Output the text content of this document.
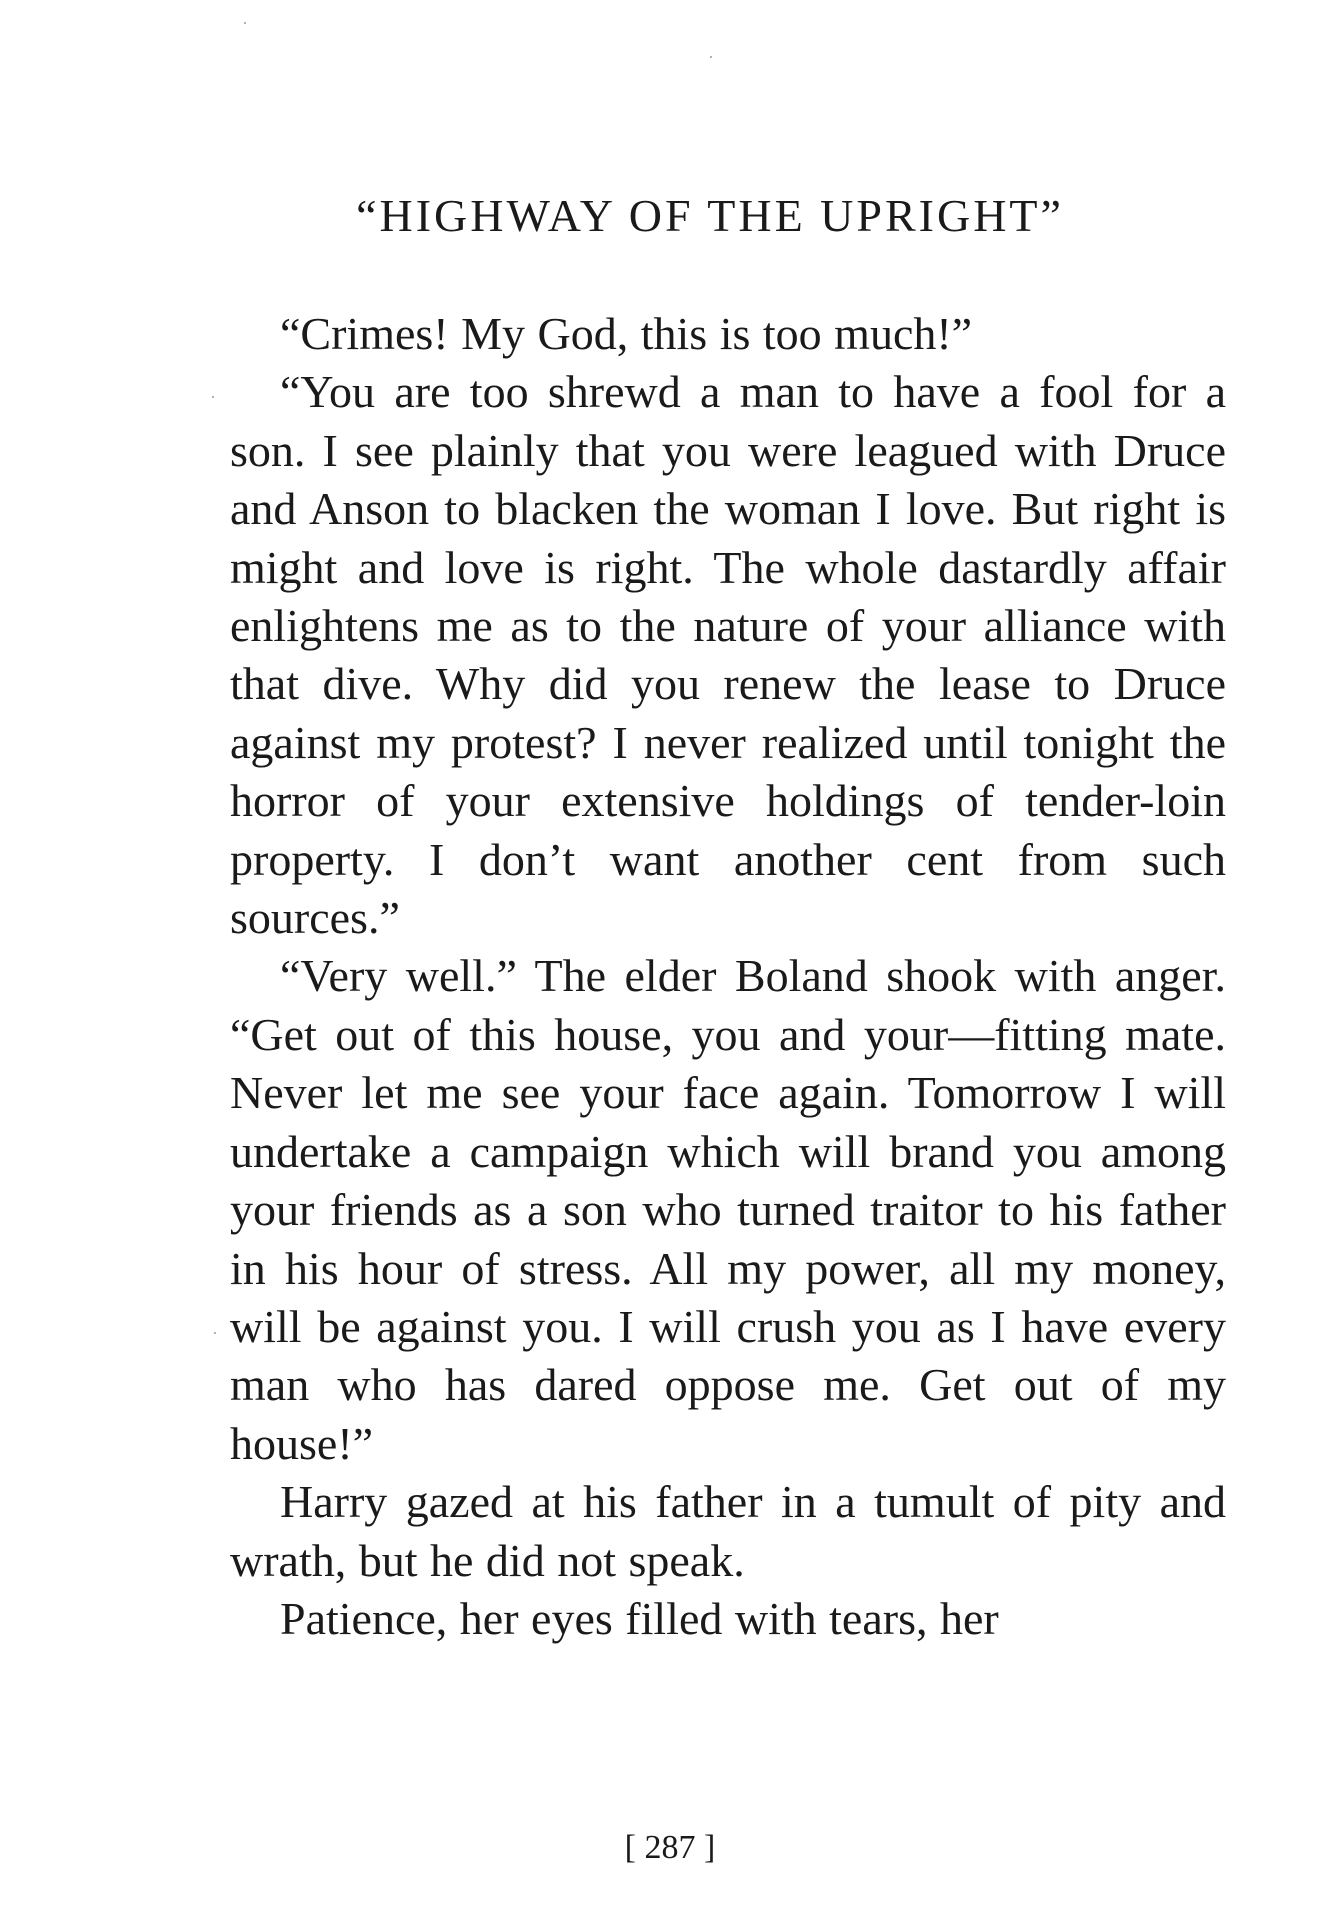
“HIGHWAY OF THE UPRIGHT”

“Crimes! My God, this is too much!”

“You are too shrewd a man to have a fool for a son. I see plainly that you were leagued with Druce and Anson to blacken the woman I love. But right is might and love is right. The whole dastardly affair enlightens me as to the nature of your alliance with that dive. Why did you renew the lease to Druce against my protest? I never realized until tonight the horror of your extensive holdings of tender-loin property. I don’t want another cent from such sources.”

“Very well.” The elder Boland shook with anger. “Get out of this house, you and your—fitting mate. Never let me see your face again. Tomorrow I will undertake a campaign which will brand you among your friends as a son who turned traitor to his father in his hour of stress. All my power, all my money, will be against you. I will crush you as I have every man who has dared oppose me. Get out of my house!”

Harry gazed at his father in a tumult of pity and wrath, but he did not speak.

Patience, her eyes filled with tears, her

[ 287 ]
